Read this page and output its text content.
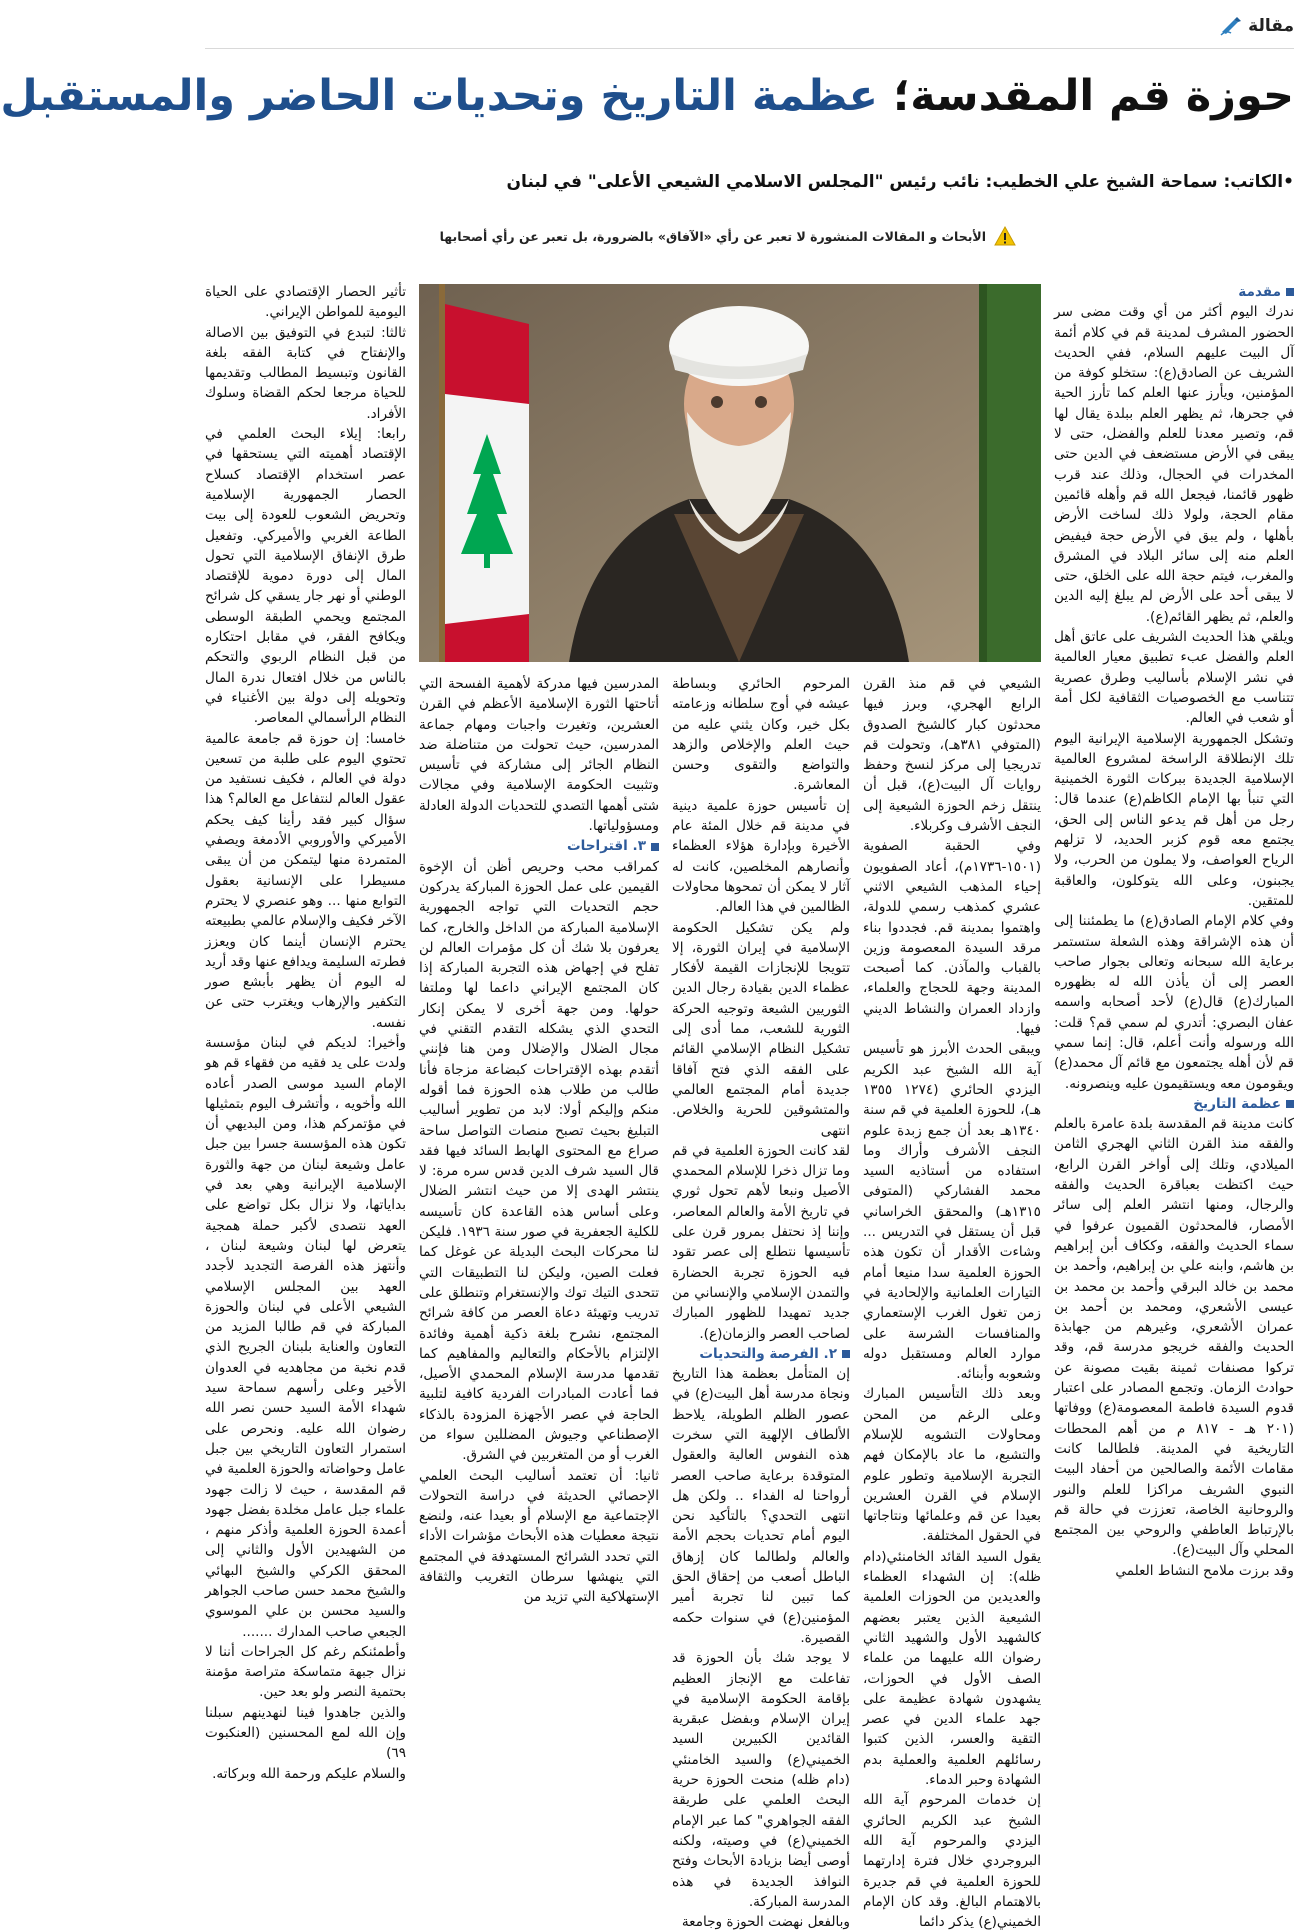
مقالة
حوزة قم المقدسة؛ عظمة التاريخ وتحديات الحاضر والمستقبل
•الكاتب: سماحة الشيخ علي الخطيب: نائب رئيس "المجلس الاسلامي الشيعي الأعلى" في لبنان
الأبحاث و المقالات المنشورة لا تعبر عن رأي «الآفاق» بالضرورة، بل تعبر عن رأي أصحابها
مقدمة

ندرك اليوم أكثر من أي وقت مضى سر الحضور المشرف لمدينة قم في كلام أئمة آل البيت عليهم السلام، ففي الحديث الشريف عن الصادق(ع): ستخلو كوفة من المؤمنين، ويأرز عنها العلم كما تأرز الحية في جحرها، ثم يظهر العلم ببلدة يقال لها قم، وتصير معدنا للعلم والفضل، حتى لا يبقى في الأرض مستضعف في الدين حتى المخدرات في الحجال، وذلك عند قرب ظهور قائمنا، فيجعل الله قم وأهله قائمين مقام الحجة، ولولا ذلك لساخت الأرض بأهلها ، ولم يبق في الأرض حجة فيفيض العلم منه إلى سائر البلاد في المشرق والمغرب، فيتم حجة الله على الخلق، حتى لا يبقى أحد على الأرض لم يبلغ إليه الدين والعلم، ثم يظهر القائم(ع).

ويلقي هذا الحديث الشريف على عاتق أهل العلم والفضل عبء تطبيق معيار العالمية في نشر الإسلام بأساليب وطرق عصرية تتناسب مع الخصوصيات الثقافية لكل أمة أو شعب في العالم.

وتشكل الجمهورية الإسلامية الإيرانية اليوم تلك الإنطلاقة الراسخة لمشروع العالمية الإسلامية الجديدة ببركات الثورة الخمينية التي تنبأ بها الإمام الكاظم(ع) عندما قال: رجل من أهل قم يدعو الناس إلى الحق، يجتمع معه قوم كزبر الحديد، لا تزلهم الرياح العواصف، ولا يملون من الحرب، ولا يجبنون، وعلى الله يتوكلون، والعاقبة للمتقين.

وفي كلام الإمام الصادق(ع) ما يطمئننا إلى أن هذه الإشراقة وهذه الشعلة ستستمر برعاية الله سبحانه وتعالى بجوار صاحب العصر إلى أن يأذن الله له بظهوره المبارك(ع) قال(ع) لأحد أصحابه واسمه عفان البصري: أتدري لم سمي قم؟ قلت: الله ورسوله وأنت أعلم، قال: إنما سمي قم لأن أهله يجتمعون مع قائم آل محمد(ع) ويقومون معه ويستقيمون عليه وينصرونه.

عظمة التاريخ

كانت مدينة قم المقدسة بلدة عامرة بالعلم والفقه منذ القرن الثاني الهجري الثامن الميلادي، وتلك إلى أواخر القرن الرابع، حيث اكتظت بعباقرة الحديث والفقه والرجال، ومنها انتشر العلم إلى سائر الأمصار، فالمحدثون القميون عرفوا في سماء الحديث والفقه، وككاف أبن إبراهيم بن هاشم، وابنه علي بن إبراهيم، وأحمد بن محمد بن خالد البرقي وأحمد بن محمد بن عيسى الأشعري، ومحمد بن أحمد بن عمران الأشعري، وغيرهم من جهابذة الحديث والفقه خريجو مدرسة قم، وقد تركوا مصنفات ثمينة بقيت مصونة عن حوادث الزمان. وتجمع المصادر على اعتبار قدوم السيدة فاطمة المعصومة(ع) ووفاتها (٢٠١ هـ - ٨١٧ م من أهم المحطات التاريخية في المدينة. فلطالما كانت مقامات الأئمة والصالحين من أحفاد البيت النبوي الشريف مراكزا للعلم والنور والروحانية الخاصة، تعززت في حالة قم بالإرتباط العاطفي والروحي بين المجتمع المحلي وآل البيت(ع).

وقد برزت ملامح النشاط العلمي

الشيعي في قم منذ القرن الرابع الهجري، وبرز فيها محدثون كبار كالشيخ الصدوق (المتوفي ٣٨١هـ)، وتحولت قم تدريجيا إلى مركز لنسخ وحفظ روايات آل البيت(ع)، قبل أن ينتقل زخم الحوزة الشيعية إلى النجف الأشرف وكربلاء.

وفي الحقبة الصفوية (١٥٠١-١٧٣٦م)، أعاد الصفويون إحياء المذهب الشيعي الاثني عشري كمذهب رسمي للدولة، واهتموا بمدينة قم. فجددوا بناء مرقد السيدة المعصومة وزين بالقباب والمآذن. كما أصبحت المدينة وجهة للحجاج والعلماء، وازداد العمران والنشاط الديني فيها.

ويبقى الحدث الأبرز هو تأسيس آية الله الشيخ عبد الكريم اليزدي الحائري (١٢٧٤ ١٣٥٥ هـ)، للحوزة العلمية في قم سنة ١٣٤٠هـ بعد أن جمع زبدة علوم النجف الأشرف وأراك وما استفاده من أستاذيه السيد محمد الفشاركي (المتوفى ١٣١٥هـ) والمحقق الخراساني قبل أن يستقل في التدريس ... وشاءت الأقدار أن تكون هذه الحوزة العلمية سدا منيعا أمام التيارات العلمانية والإلحادية في زمن تغول الغرب الإستعماري والمنافسات الشرسة على موارد العالم ومستقبل دوله وشعوبه وأبنائه.

وبعد ذلك التأسيس المبارك وعلى الرغم من المحن ومحاولات التشويه للإسلام والتشيع، ما عاد بالإمكان فهم التجربة الإسلامية وتطور علوم الإسلام في القرن العشرين بعيدا عن قم وعلمائها ونتاجاتها في الحقول المختلفة.

يقول السيد القائد الخامنئي(دام ظله): إن الشهداء العظماء والعديدين من الحوزات العلمية الشيعية الذين يعتبر بعضهم كالشهيد الأول والشهيد الثاني رضوان الله عليهما من علماء الصف الأول في الحوزات، يشهدون شهادة عظيمة على جهد علماء الدين في عصر التقية والعسر، الذين كتبوا رسائلهم العلمية والعملية بدم الشهادة وحبر الدماء.

إن خدمات المرحوم آية الله الشيخ عبد الكريم الحائري اليزدي والمرحوم آية الله البروجردي خلال فترة إدارتهما للحوزة العلمية في قم جديرة بالاهتمام البالغ. وقد كان الإمام الخميني(ع) يذكر دائما

المرحوم الحائري وبساطة عيشه في أوج سلطانه وزعامته بكل خير، وكان يثني عليه من حيث العلم والإخلاص والزهد والتواضع والتقوى وحسن المعاشرة.

إن تأسيس حوزة علمية دينية في مدينة قم خلال المئة عام الأخيرة وبإدارة هؤلاء العظماء وأنصارهم المخلصين، كانت له آثار لا يمكن أن تمحوها محاولات الظالمين في هذا العالم.

ولم يكن تشكيل الحكومة الإسلامية في إيران الثورة، إلا تتويجا للإنجازات القيمة لأفكار عظماء الدين بقيادة رجال الدين الثوريين الشيعة وتوجيه الحركة الثورية للشعب، مما أدى إلى تشكيل النظام الإسلامي القائم على الفقه الذي فتح آفاقا جديدة أمام المجتمع العالمي والمتشوقين للحرية والخلاص. انتهى

لقد كانت الحوزة العلمية في قم وما تزال ذخرا للإسلام المحمدي الأصيل ونبعا لأهم تحول ثوري في تاريخ الأمة والعالم المعاصر، وإننا إذ نحتفل بمرور قرن على تأسيسها نتطلع إلى عصر تقود فيه الحوزة تجربة الحضارة والتمدن الإسلامي والإنساني من جديد تمهيدا للظهور المبارك لصاحب العصر والزمان(ع).

٢. الفرصة والتحديات

إن المتأمل بعظمة هذا التاريخ ونجاة مدرسة أهل البيت(ع) في عصور الظلم الطويلة، يلاحظ الألطاف الإلهية التي سخرت هذه النفوس العالية والعقول المتوقدة برعاية صاحب العصر أرواحنا له الفداء .. ولكن هل انتهى التحدي؟ بالتأكيد نحن اليوم أمام تحديات بحجم الأمة والعالم ولطالما كان إزهاق الباطل أصعب من إحقاق الحق كما تبين لنا تجربة أمير المؤمنين(ع) في سنوات حكمه القصيرة.

لا يوجد شك بأن الحوزة قد تفاعلت مع الإنجاز العظيم بإقامة الحكومة الإسلامية في إيران الإسلام وبفضل عبقرية القائدين الكبيرين السيد الخميني(ع) والسيد الخامنئي (دام ظله) منحت الحوزة حرية البحث العلمي على طريقة الفقه الجواهري" كما عبر الإمام الخميني(ع) في وصيته، ولكنه أوصى أيضا بزيادة الأبحاث وفتح النوافذ الجديدة في هذه المدرسة المباركة.

وبالفعل نهضت الحوزة وجامعة

المدرسين فيها مدركة لأهمية الفسحة التي أتاحتها الثورة الإسلامية الأعظم في القرن العشرين، وتغيرت واجبات ومهام جماعة المدرسين، حيث تحولت من متناضلة ضد النظام الجائر إلى مشاركة في تأسيس وتثبيت الحكومة الإسلامية وفي مجالات شتى أهمها التصدي للتحديات الدولة العادلة ومسؤولياتها.

٣. اقتراحات

كمراقب محب وحريص أظن أن الإخوة القيمين على عمل الحوزة المباركة يدركون حجم التحديات التي تواجه الجمهورية الإسلامية المباركة من الداخل والخارج، كما يعرفون بلا شك أن كل مؤمرات العالم لن تفلح في إجهاض هذه التجربة المباركة إذا كان المجتمع الإيراني داعما لها وملتفا حولها. ومن جهة أخرى لا يمكن إنكار التحدي الذي يشكله التقدم التقني في مجال الضلال والإضلال ومن هنا فإنني أتقدم بهذه الإقتراحات كبضاعة مزجاة فأنا طالب من طلاب هذه الحوزة فما أقوله منكم وإليكم أولا: لابد من تطوير أساليب التبليغ بحيث تصبح منصات التواصل ساحة صراع مع المحتوى الهابط السائد فيها فقد قال السيد شرف الدين قدس سره مرة: لا ينتشر الهدى إلا من حيث انتشر الضلال وعلى أساس هذه القاعدة كان تأسيسه للكلية الجعفرية في صور سنة ١٩٣٦. فليكن لنا محركات البحث البديلة عن غوغل كما فعلت الصين، وليكن لنا التطبيقات التي تتحدى التيك توك والإنستغرام وتنطلق على تدريب وتهيئة دعاة العصر من كافة شرائح المجتمع، نشرح بلغة ذكية أهمية وفائدة الإلتزام بالأحكام والتعاليم والمفاهيم كما تقدمها مدرسة الإسلام المحمدي الأصيل، فما أعادت المبادرات الفردية كافية لتلبية الحاجة في عصر الأجهزة المزودة بالذكاء الإصطناعي وجيوش المضللين سواء من الغرب أو من المتغربين في الشرق.

ثانيا: أن تعتمد أساليب البحث العلمي الإحصائي الحديثة في دراسة التحولات الإجتماعية مع الإسلام أو بعيدا عنه، ولنضع نتيجة معطيات هذه الأبحاث مؤشرات الأداء التي تحدد الشرائح المستهدفة في المجتمع التي ينهشها سرطان التغريب والثقافة الإستهلاكية التي تزيد من

تأثير الحصار الإقتصادي على الحياة اليومية للمواطن الإيراني.

ثالثا: لتبدع في التوفيق بين الاصالة والإنفتاح في كتابة الفقه بلغة القانون وتبسيط المطالب وتقديمها للحياة مرجعا لحكم القضاة وسلوك الأفراد.

رابعا: إيلاء البحث العلمي في الإقتصاد أهميته التي يستحقها في عصر استخدام الإقتصاد كسلاح الحصار الجمهورية الإسلامية وتحريض الشعوب للعودة إلى بيت الطاعة الغربي والأميركي. وتفعيل طرق الإنفاق الإسلامية التي تحول المال إلى دورة دموية للإقتصاد الوطني أو نهر جار يسقي كل شرائح المجتمع ويحمي الطبقة الوسطى ويكافح الفقر، في مقابل احتكاره من قبل النظام الربوي والتحكم بالناس من خلال افتعال ندرة المال وتحويله إلى دولة بين الأغنياء في النظام الرأسمالي المعاصر.

خامسا: إن حوزة قم جامعة عالمية تحتوي اليوم على طلبة من تسعين دولة في العالم ، فكيف نستفيد من عقول العالم لنتفاعل مع العالم؟ هذا سؤال كبير فقد رأينا كيف يحكم الأميركي والأوروبي الأدمغة ويصفي المتمردة منها ليتمكن من أن يبقى مسيطرا على الإنسانية بعقول التوابع منها ... وهو عنصري لا يحترم الآخر فكيف والإسلام عالمي بطبيعته يحترم الإنسان أينما كان ويعزز فطرته السليمة ويدافع عنها وقد أريد له اليوم أن يظهر بأبشع صور التكفير والإرهاب ويغترب حتى عن نفسه.

وأخيرا: لديكم في لبنان مؤسسة ولدت على يد فقيه من فقهاء قم هو الإمام السيد موسى الصدر أعاده الله وأخويه ، وأتشرف اليوم بتمثيلها في مؤتمركم هذا، ومن البديهي أن تكون هذه المؤسسة جسرا بين جبل عامل وشيعة لبنان من جهة والثورة الإسلامية الإيرانية وهي بعد في بداياتها، ولا نزال بكل تواضع على العهد نتصدى لأكبر حملة همجية يتعرض لها لبنان وشيعة لبنان ، وأنتهز هذه الفرصة التجديد لأجدد العهد بين المجلس الإسلامي الشيعي الأعلى في لبنان والحوزة المباركة في قم طالبا المزيد من التعاون والعناية بلبنان الجريح الذي قدم نخبة من مجاهديه في العدوان الأخير وعلى رأسهم سماحة سيد شهداء الأمة السيد حسن نصر الله رضوان الله عليه. ونحرص على استمرار التعاون التاريخي بين جبل عامل وحواضاته والحوزة العلمية في قم المقدسة ، حيث لا زالت جهود علماء جبل عامل مخلدة بفضل جهود أعمدة الحوزة العلمية وأذكر منهم ، من الشهيدين الأول والثاني إلى المحقق الكركي والشيخ البهائي والشيخ محمد حسن صاحب الجواهر والسيد محسن بن علي الموسوي الجبعي صاحب المدارك .......

وأطمئنكم رغم كل الجراحات أننا لا نزال جبهة متماسكة متراصة مؤمنة بحتمية النصر ولو بعد حين.

والذين جاهدوا فينا لنهدينهم سبلنا وإن الله لمع المحسنين (العنكبوت ٦٩)

والسلام عليكم ورحمة الله وبركاته.
